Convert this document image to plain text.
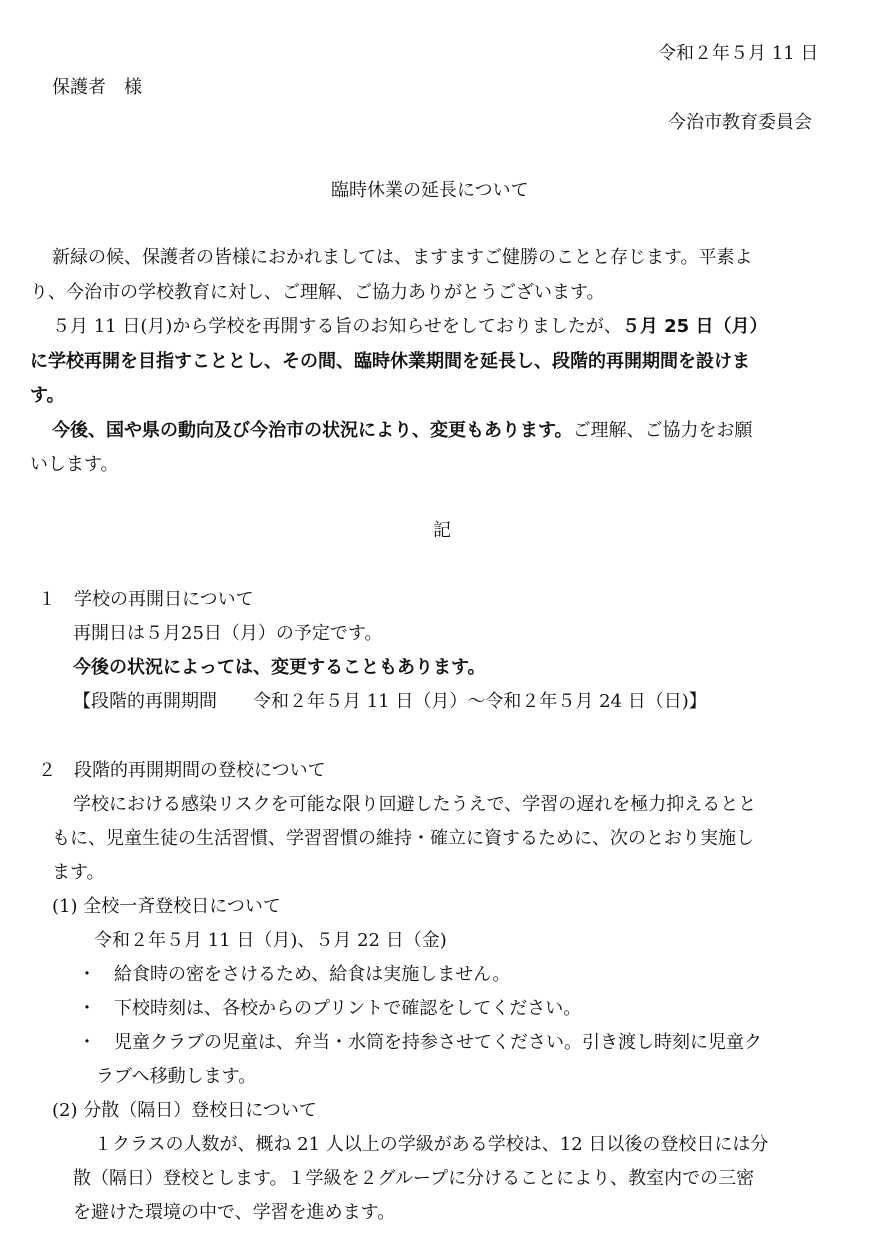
令和２年５月 11 日
保護者　様
今治市教育委員会
臨時休業の延長について
新緑の候、保護者の皆様におかれましては、ますますご健勝のことと存じます。平素よ
り、今治市の学校教育に対し、ご理解、ご協力ありがとうございます。
５月 11 日(月)から学校を再開する旨のお知らせをしておりましたが、５月 25 日（月）
に学校再開を目指すこととし、その間、臨時休業期間を延長し、段階的再開期間を設けま
す。
今後、国や県の動向及び今治市の状況により、変更もあります。ご理解、ご協力をお願
いします。
記
１　学校の再開日について
再開日は５月25日（月）の予定です。
今後の状況によっては、変更することもあります。
【段階的再開期間　　令和２年５月 11 日（月）～令和２年５月 24 日（日)】
２　段階的再開期間の登校について
学校における感染リスクを可能な限り回避したうえで、学習の遅れを極力抑えるとと
もに、児童生徒の生活習慣、学習習慣の維持・確立に資するために、次のとおり実施し
ます。
(1) 全校一斉登校日について
令和２年５月 11 日（月)、５月 22 日（金)
・　給食時の密をさけるため、給食は実施しません。
・　下校時刻は、各校からのプリントで確認をしてください。
・　児童クラブの児童は、弁当・水筒を持参させてください。引き渡し時刻に児童ク
ラブへ移動します。
(2) 分散（隔日）登校日について
１クラスの人数が、概ね 21 人以上の学級がある学校は、12 日以後の登校日には分
散（隔日）登校とします。１学級を２グループに分けることにより、教室内での三密
を避けた環境の中で、学習を進めます。
